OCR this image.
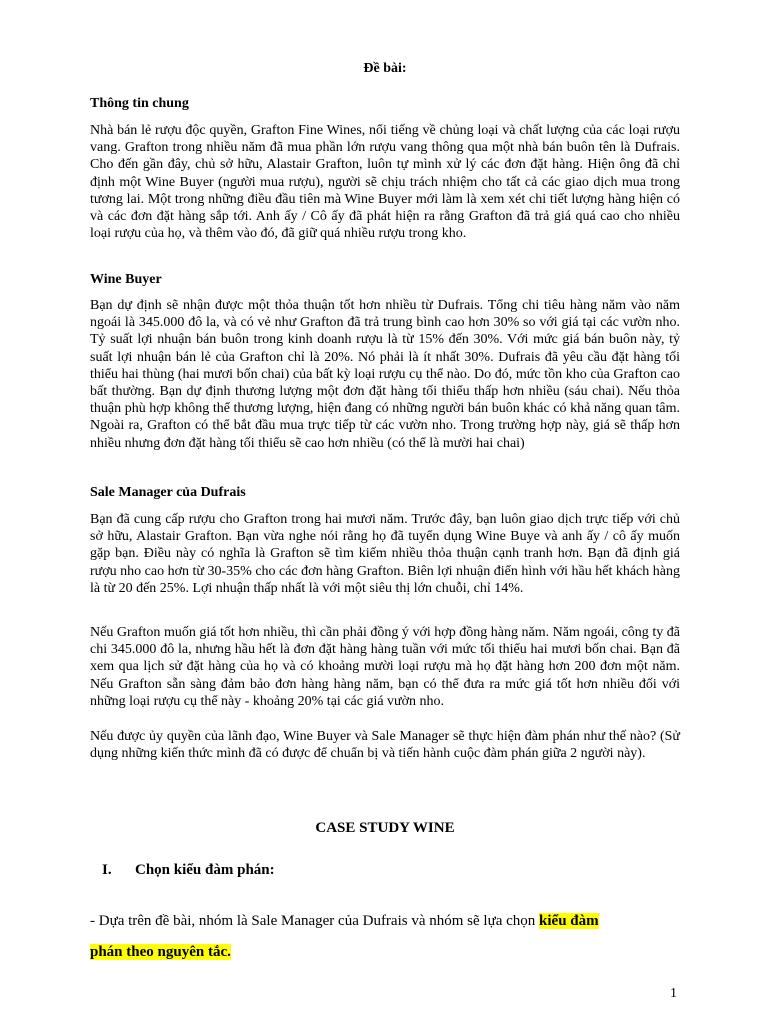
Đề bài:
Thông tin chung

Nhà bán lẻ rượu độc quyền, Grafton Fine Wines, nổi tiếng về chủng loại và chất lượng của các loại rượu vang. Grafton trong nhiều năm đã mua phần lớn rượu vang thông qua một nhà bán buôn tên là Dufrais. Cho đến gần đây, chủ sở hữu, Alastair Grafton, luôn tự mình xử lý các đơn đặt hàng. Hiện ông đã chỉ định một Wine Buyer (người mua rượu), người sẽ chịu trách nhiệm cho tất cả các giao dịch mua trong tương lai. Một trong những điều đầu tiên mà Wine Buyer mới làm là xem xét chi tiết lượng hàng hiện có và các đơn đặt hàng sắp tới. Anh ấy / Cô ấy đã phát hiện ra rằng Grafton đã trả giá quá cao cho nhiều loại rượu của họ, và thêm vào đó, đã giữ quá nhiều rượu trong kho.

Wine Buyer

Bạn dự định sẽ nhận được một thỏa thuận tốt hơn nhiều từ Dufrais. Tổng chi tiêu hàng năm vào năm ngoái là 345.000 đô la, và có vẻ như Grafton đã trả trung bình cao hơn 30% so với giá tại các vườn nho. Tỷ suất lợi nhuận bán buôn trong kinh doanh rượu là từ 15% đến 30%. Với mức giá bán buôn này, tỷ suất lợi nhuận bán lẻ của Grafton chỉ là 20%. Nó phải là ít nhất 30%. Dufrais đã yêu cầu đặt hàng tối thiểu hai thùng (hai mươi bốn chai) của bất kỳ loại rượu cụ thể nào. Do đó, mức tồn kho của Grafton cao bất thường. Bạn dự định thương lượng một đơn đặt hàng tối thiểu thấp hơn nhiều (sáu chai). Nếu thỏa thuận phù hợp không thể thương lượng, hiện đang có những người bán buôn khác có khả năng quan tâm. Ngoài ra, Grafton có thể bắt đầu mua trực tiếp từ các vườn nho. Trong trường hợp này, giá sẽ thấp hơn nhiều nhưng đơn đặt hàng tối thiểu sẽ cao hơn nhiều (có thể là mười hai chai)

Sale Manager của Dufrais

Bạn đã cung cấp rượu cho Grafton trong hai mươi năm. Trước đây, bạn luôn giao dịch trực tiếp với chủ sở hữu, Alastair Grafton. Bạn vừa nghe nói rằng họ đã tuyển dụng Wine Buye và anh ấy / cô ấy muốn gặp bạn. Điều này có nghĩa là Grafton sẽ tìm kiếm nhiều thỏa thuận cạnh tranh hơn. Bạn đã định giá rượu nho cao hơn từ 30-35% cho các đơn hàng Grafton. Biên lợi nhuận điển hình với hầu hết khách hàng là từ 20 đến 25%. Lợi nhuận thấp nhất là với một siêu thị lớn chuỗi, chỉ 14%.

Nếu Grafton muốn giá tốt hơn nhiều, thì cần phải đồng ý với hợp đồng hàng năm. Năm ngoái, công ty đã chi 345.000 đô la, nhưng hầu hết là đơn đặt hàng hàng tuần với mức tối thiểu hai mươi bốn chai. Bạn đã xem qua lịch sử đặt hàng của họ và có khoảng mười loại rượu mà họ đặt hàng hơn 200 đơn một năm. Nếu Grafton sẵn sàng đảm bảo đơn hàng hàng năm, bạn có thể đưa ra mức giá tốt hơn nhiều đối với những loại rượu cụ thể này - khoảng 20% tại các giá vườn nho.

Nếu được ủy quyền của lãnh đạo, Wine Buyer và Sale Manager sẽ thực hiện đàm phán như thế nào? (Sử dụng những kiến thức mình đã có được để chuẩn bị và tiến hành cuộc đàm phán giữa 2 người này).

CASE STUDY WINE
I.	Chọn kiểu đàm phán:

- Dựa trên đề bài, nhóm là Sale Manager của Dufrais và nhóm sẽ lựa chọn kiểu đàm
phán theo nguyên tắc.

1
